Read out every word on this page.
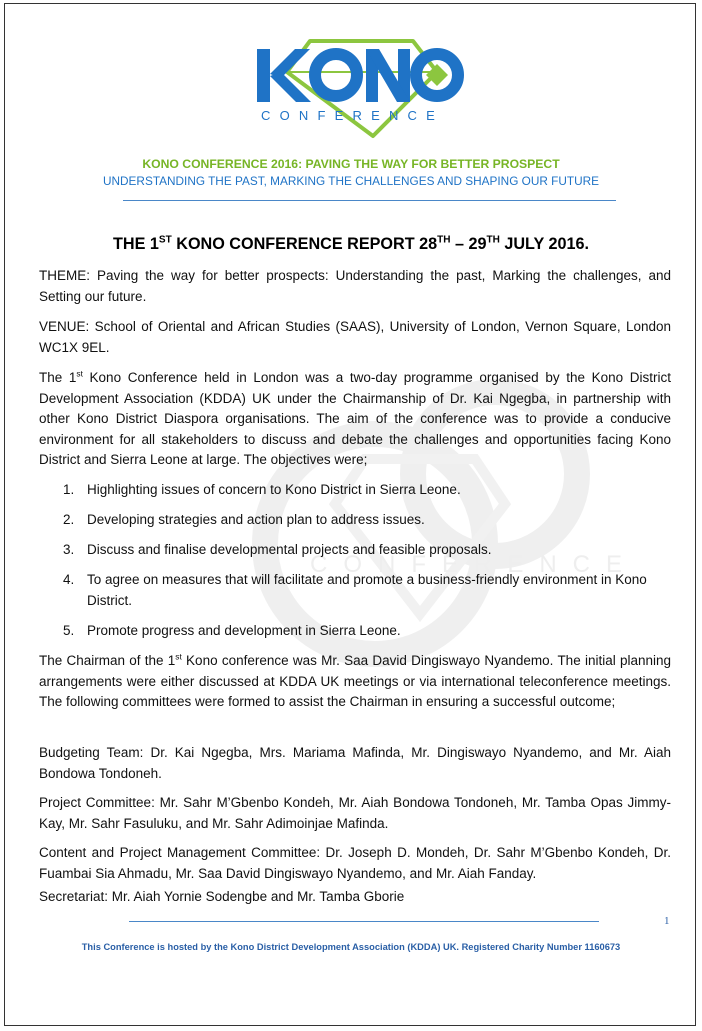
CONFERENCE
CONFERENCE
KONO CONFERENCE 2016: PAVING THE WAY FOR BETTER PROSPECT
UNDERSTANDING THE PAST, MARKING THE CHALLENGES AND SHAPING OUR FUTURE
THE 1ST KONO CONFERENCE REPORT 28TH – 29TH JULY 2016.

THEME: Paving the way for better prospects: Understanding the past, Marking the challenges, and Setting our future.

VENUE: School of Oriental and African Studies (SAAS), University of London, Vernon Square, London WC1X 9EL.

The 1st Kono Conference held in London was a two-day programme organised by the Kono District Development Association (KDDA) UK under the Chairmanship of Dr. Kai Ngegba, in partnership with other Kono District Diaspora organisations. The aim of the conference was to provide a conducive environment for all stakeholders to discuss and debate the challenges and opportunities facing Kono District and Sierra Leone at large. The objectives were;

1. Highlighting issues of concern to Kono District in Sierra Leone.
2. Developing strategies and action plan to address issues.
3. Discuss and finalise developmental projects and feasible proposals.
4. To agree on measures that will facilitate and promote a business-friendly environment in Kono District.
5. Promote progress and development in Sierra Leone.

The Chairman of the 1st Kono conference was Mr. Saa David Dingiswayo Nyandemo. The initial planning arrangements were either discussed at KDDA UK meetings or via international teleconference meetings. The following committees were formed to assist the Chairman in ensuring a successful outcome;

Budgeting Team: Dr. Kai Ngegba, Mrs. Mariama Mafinda, Mr. Dingiswayo Nyandemo, and Mr. Aiah Bondowa Tondoneh.

Project Committee: Mr. Sahr M’Gbenbo Kondeh, Mr. Aiah Bondowa Tondoneh, Mr. Tamba Opas Jimmy-Kay, Mr. Sahr Fasuluku, and Mr. Sahr Adimoinjae Mafinda.

Content and Project Management Committee: Dr. Joseph D. Mondeh, Dr. Sahr M’Gbenbo Kondeh, Dr. Fuambai Sia Ahmadu, Mr. Saa David Dingiswayo Nyandemo, and Mr. Aiah Fanday.

Secretariat: Mr. Aiah Yornie Sodengbe and Mr. Tamba Gborie

1
This Conference is hosted by the Kono District Development Association (KDDA) UK. Registered Charity Number 1160673
